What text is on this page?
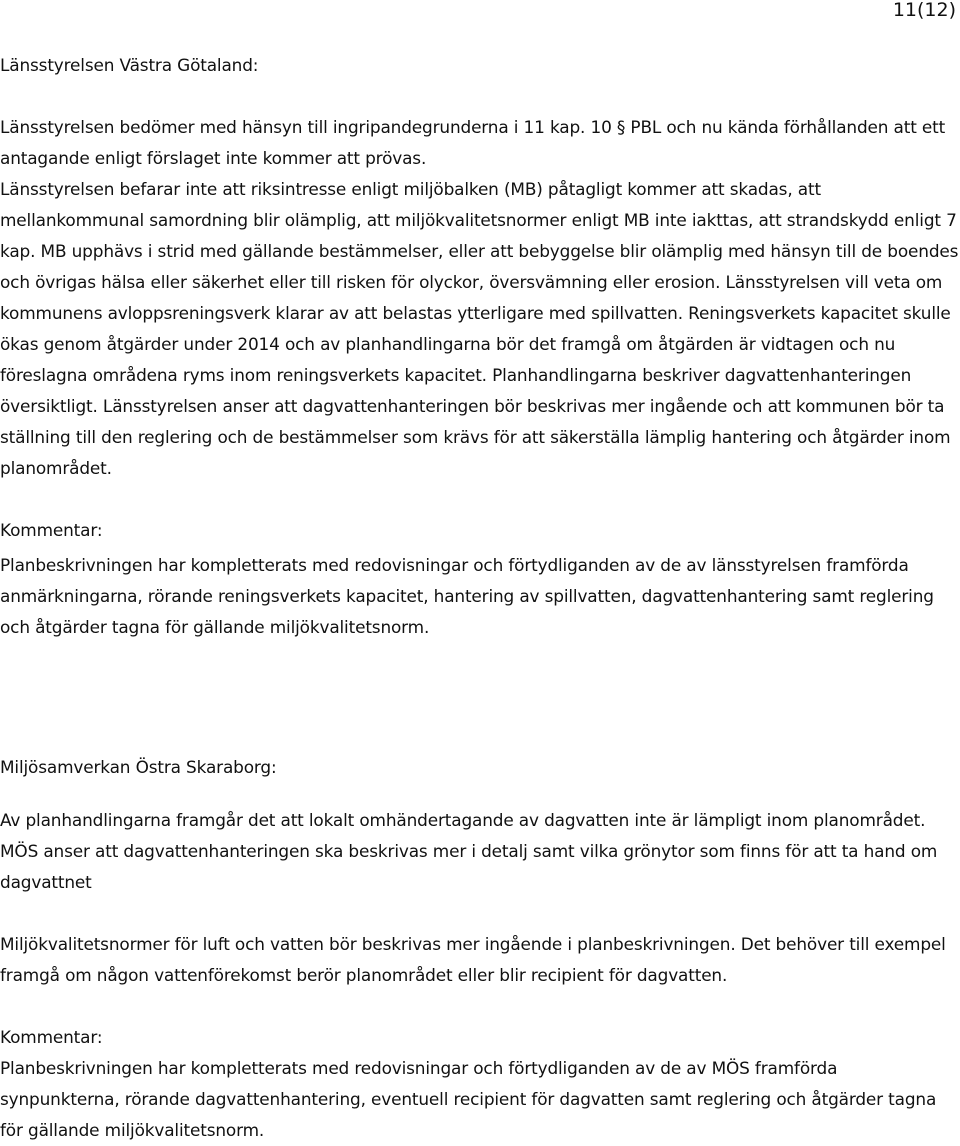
11(12)

Länsstyrelsen Västra Götaland:

Länsstyrelsen bedömer med hänsyn till ingripandegrunderna i 11 kap. 10 § PBL och nu kända förhållanden att ett antagande enligt förslaget inte kommer att prövas.

Länsstyrelsen befarar inte att riksintresse enligt miljöbalken (MB) påtagligt kommer att skadas, att mellankommunal samordning blir olämplig, att miljökvalitetsnormer enligt MB inte iakttas, att strandskydd enligt 7 kap. MB upphävs i strid med gällande bestämmelser, eller att bebyggelse blir olämplig med hänsyn till de boendes och övrigas hälsa eller säkerhet eller till risken för olyckor, översvämning eller erosion. Länsstyrelsen vill veta om kommunens avloppsreningsverk klarar av att belastas ytterligare med spillvatten. Reningsverkets kapacitet skulle ökas genom åtgärder under 2014 och av planhandlingarna bör det framgå om åtgärden är vidtagen och nu föreslagna områdena ryms inom reningsverkets kapacitet. Planhandlingarna beskriver dagvattenhanteringen översiktligt. Länsstyrelsen anser att dagvattenhanteringen bör beskrivas mer ingående och att kommunen bör ta ställning till den reglering och de bestämmelser som krävs för att säkerställa lämplig hantering och åtgärder inom planområdet.

Kommentar:

Planbeskrivningen har kompletterats med redovisningar och förtydliganden av de av länsstyrelsen framförda anmärkningarna, rörande reningsverkets kapacitet, hantering av spillvatten, dagvattenhantering samt reglering och åtgärder tagna för gällande miljökvalitetsnorm.

Miljösamverkan Östra Skaraborg:

Av planhandlingarna framgår det att lokalt omhändertagande av dagvatten inte är lämpligt inom planområdet. MÖS anser att dagvattenhanteringen ska beskrivas mer i detalj samt vilka grönytor som finns för att ta hand om dagvattnet

Miljökvalitetsnormer för luft och vatten bör beskrivas mer ingående i planbeskrivningen. Det behöver till exempel framgå om någon vattenförekomst berör planområdet eller blir recipient för dagvatten.

Kommentar:

Planbeskrivningen har kompletterats med redovisningar och förtydliganden av de av MÖS framförda synpunkterna, rörande dagvattenhantering, eventuell recipient för dagvatten samt reglering och åtgärder tagna för gällande miljökvalitetsnorm.
